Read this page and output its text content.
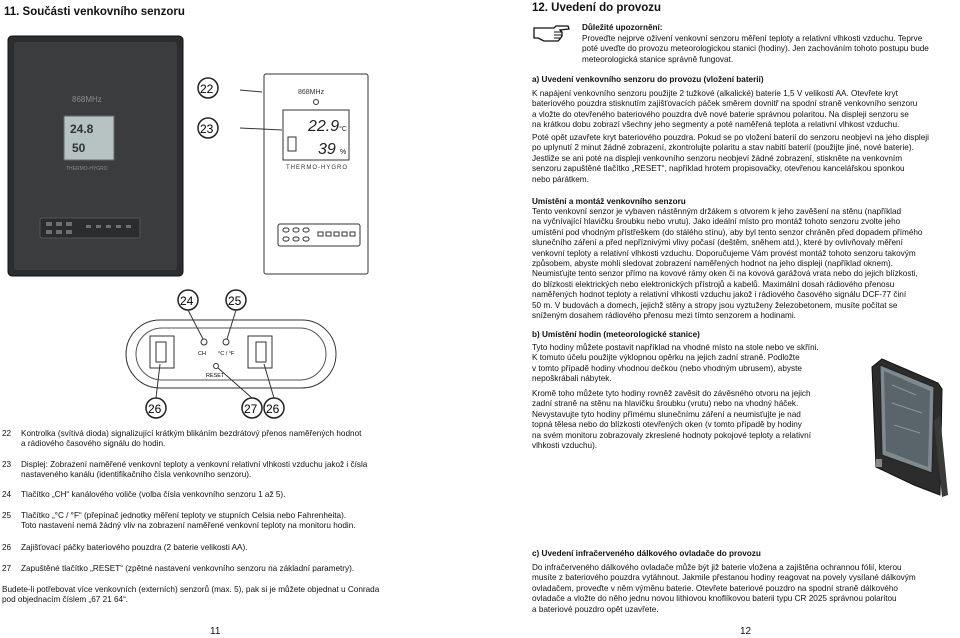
11. Součásti venkovního senzoru
868MHz
24.8
50
THERMO-HYGRO
868MHz
22.9 °C
39 %
THERMO-HYGRO
22
23
24	25
26	27 26
CH °C / °F
RESET
22 Kontrolka (svítivá dioda) signalizující krátkým blikáním bezdrátový přenos naměřených hodnot
a rádiového časového signálu do hodin.
23 Displej: Zobrazení naměřené venkovní teploty a venkovní relativní vlhkosti vzduchu jakož i čísla
nastaveného kanálu (identifikačního čísla venkovního senzoru).
24 Tlačítko „CH“ kanálového voliče (volba čísla venkovního senzoru 1 až 5).
25 Tlačítko „°C / °F“ (přepínač jednotky měření teploty ve stupních Celsia nebo Fahrenheita).
Toto nastavení nemá žádný vliv na zobrazení naměřené venkovní teploty na monitoru hodin.
26 Zajišťovací páčky bateriového pouzdra (2 baterie velikosti AA).
27 Zapuštěné tlačítko „RESET“ (zpětné nastavení venkovního senzoru na základní parametry).
Budete-li potřebovat více venkovních (externích) senzorů (max. 5), pak si je můžete objednat u Conrada
pod objednacím číslem „67 21 64“.
11
12. Uvedení do provozu
Důležité upozornění:
Proveďte nejprve oživení venkovní senzoru měření teploty a relativní vlhkosti vzduchu. Teprve
poté uveďte do provozu meteorologickou stanici (hodiny). Jen zachováním tohoto postupu bude
meteorologická stanice správně fungovat.
a) Uvedení venkovního senzoru do provozu (vložení baterií)
K napájení venkovního senzoru použijte 2 tužkové (alkalické) baterie 1,5 V velikosti AA. Otevřete kryt
bateriového pouzdra stisknutím zajišťovacích páček směrem dovnitř na spodní straně venkovního senzoru
a vložte do otevřeného bateriového pouzdra dvě nové baterie správnou polaritou. Na displeji senzoru se
na krátkou dobu zobrazí všechny jeho segmenty a poté naměřená teplota a relativní vlhkost vzduchu.
Poté opět uzavřete kryt bateriového pouzdra. Pokud se po vložení baterií do senzoru neobjeví na jeho displeji
po uplynutí 2 minut žádné zobrazení, zkontrolujte polaritu a stav nabití baterií (použijte jiné, nové baterie).
Jestliže se ani poté na displeji venkovního senzoru neobjeví žádné zobrazení, stiskněte na venkovním
senzoru zapuštěné tlačítko „RESET“, například hrotem propisovačky, otevřenou kancelářskou sponkou
nebo párátkem.
Umístění a montáž venkovního senzoru
Tento venkovní senzor je vybaven nástěnným držákem s otvorem k jeho zavěšení na stěnu (například
na vyčnívající hlavičku šroubku nebo vrutu). Jako ideální místo pro montáž tohoto senzoru zvolte jeho
umístění pod vhodným přístřeškem (do stálého stínu), aby byl tento senzor chráněn před dopadem přímého
slunečního záření a před nepříznivými vlivy počasí (deštěm, sněhem atd.), které by ovlivňovaly měření
venkovní teploty a relativní vlhkosti vzduchu. Doporučujeme Vám provést montáž tohoto senzoru takovým
způsobem, abyste mohli sledovat zobrazení naměřených hodnot na jeho displeji (například oknem).
Neumisťujte tento senzor přímo na kovové rámy oken či na kovová garážová vrata nebo do jejich blízkosti,
do blízkosti elektrických nebo elektronických přístrojů a kabelů. Maximální dosah rádiového přenosu
naměřených hodnot teploty a relativní vlhkosti vzduchu jakož i rádiového časového signálu DCF-77 činí
50 m. V budovách a domech, jejichž stěny a stropy jsou vyztuženy železobetonem, musíte počítat se
sníženým dosahem rádiového přenosu mezi tímto senzorem a hodinami.
b) Umístění hodin (meteorologické stanice)
Tyto hodiny můžete postavit například na vhodné místo na stole nebo ve skříni.
K tomuto účelu použijte výklopnou opěrku na jejich zadní straně. Podložte
v tomto případě hodiny vhodnou dečkou (nebo vhodným ubrusem), abyste
nepoškrábali nábytek.
Kromě toho můžete tyto hodiny rovněž zavěsit do závěsného otvoru na jejich
zadní straně na stěnu na hlavičku šroubku (vrutu) nebo na vhodný háček.
Nevystavujte tyto hodiny přímému slunečnímu záření a neumisťujte je nad
topná tělesa nebo do blízkosti otevřených oken (v tomto případě by hodiny
na svém monitoru zobrazovaly zkreslené hodnoty pokojové teploty a relativní
vlhkosti vzduchu).
c) Uvedení infračerveného dálkového ovladače do provozu
Do infračerveného dálkového ovladače může být již baterie vložena a zajištěna ochrannou fólií, kterou
musíte z bateriového pouzdra vytáhnout. Jakmile přestanou hodiny reagovat na povely vysílané dálkovým
ovladačem, proveďte v něm výměnu baterie. Otevřete bateriové pouzdro na spodní straně dálkového
ovladače a vložte do něho jednu novou lithiovou knoflíkovou baterii typu CR 2025 správnou polaritou
a bateriové pouzdro opět uzavřete.
12
